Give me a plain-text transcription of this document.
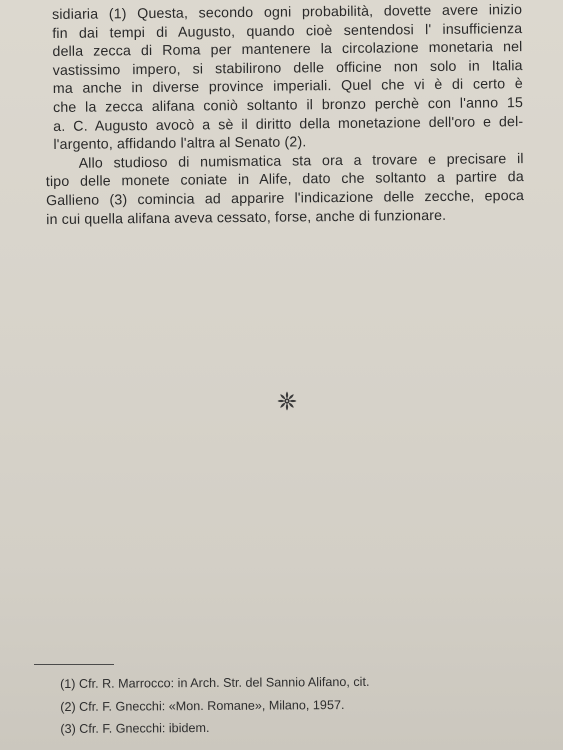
sidiaria (1) Questa, secondo ogni probabilità, dovette avere inizio
fin dai tempi di Augusto, quando cioè sentendosi l' insufficienza
della zecca di Roma per mantenere la circolazione monetaria nel
vastissimo impero, si stabilirono delle officine non solo in Italia
ma anche in diverse province imperiali. Quel che vi è di certo è
che la zecca alifana coniò soltanto il bronzo perchè con l'anno 15
a. C. Augusto avocò a sè il diritto della monetazione dell'oro e del-
l'argento, affidando l'altra al Senato (2).

Allo studioso di numismatica sta ora a trovare e precisare il
tipo delle monete coniate in Alife, dato che soltanto a partire da
Gallieno (3) comincia ad apparire l'indicazione delle zecche, epoca
in cui quella alifana aveva cessato, forse, anche di funzionare.

(1) Cfr. R. Marrocco: in Arch. Str. del Sannio Alifano, cit.
(2) Cfr. F. Gnecchi: «Mon. Romane», Milano, 1957.
(3) Cfr. F. Gnecchi: ibidem.
